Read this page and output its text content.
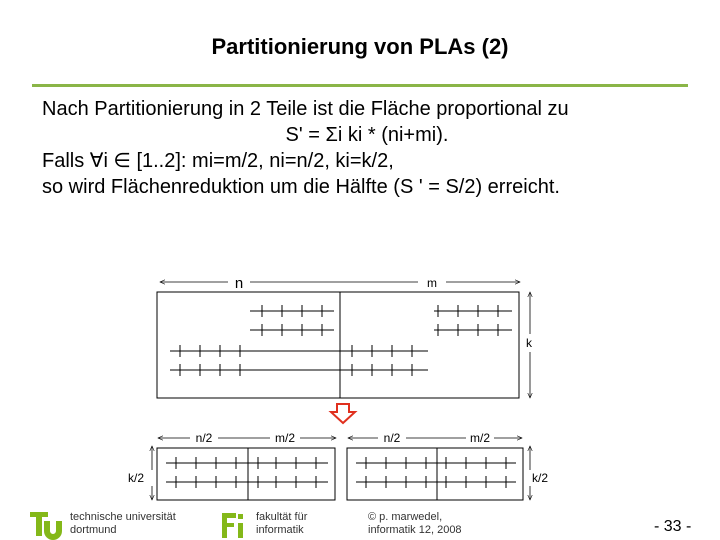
Partitionierung von PLAs (2)
Nach Partitionierung in 2 Teile ist die Fläche proportional zu
S' = Σi ki * (ni+mi).
Falls ∀i ∈ [1..2]: mi=m/2, ni=n/2, ki=k/2,
so wird Flächenreduktion um die Hälfte (S ' = S/2) erreicht.
n	m
k
n/2	m/2	n/2	m/2
k/2	k/2
technische universität
dortmund
fakultät für
informatik
© p. marwedel,
informatik 12, 2008	- 33 -
